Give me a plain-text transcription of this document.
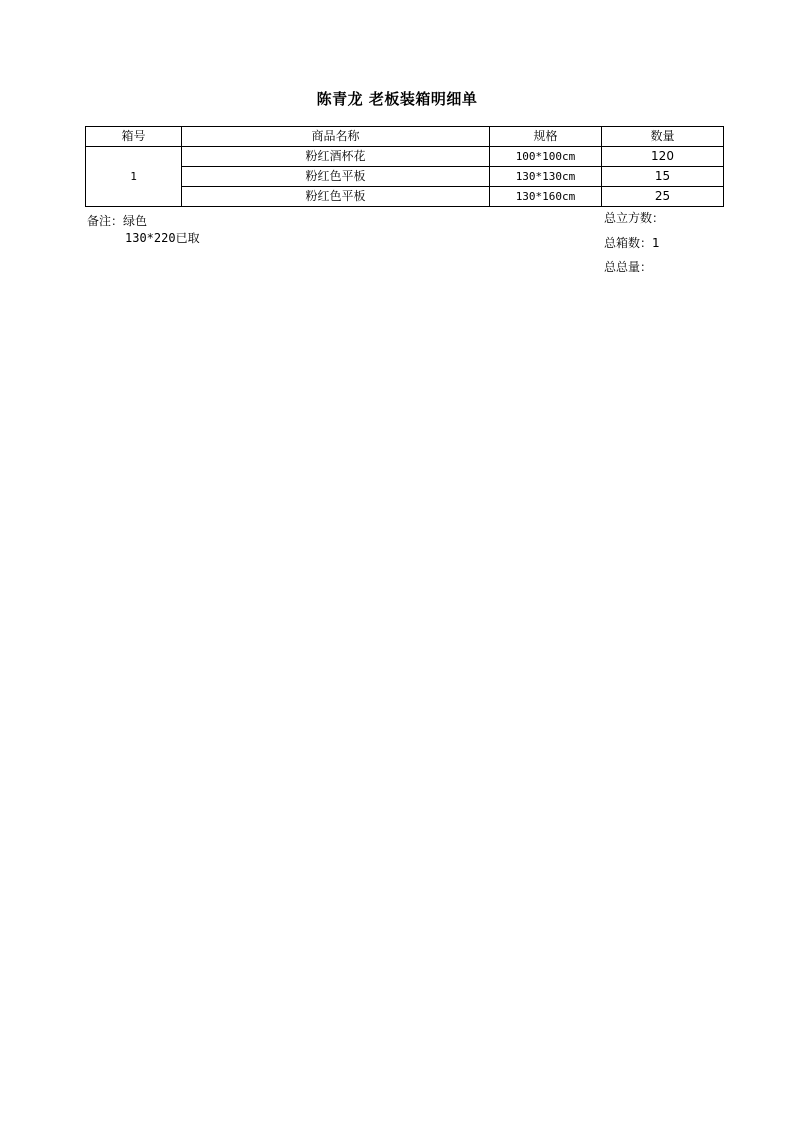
陈青龙 老板装箱明细单
箱号	商品名称	规格	数量
1	粉红酒杯花	100*100cm	120
	粉红色平板	130*130cm	15
	粉红色平板	130*160cm	25
备注：绿色
130*220已取
总立方数：
总箱数：1
总总量：
